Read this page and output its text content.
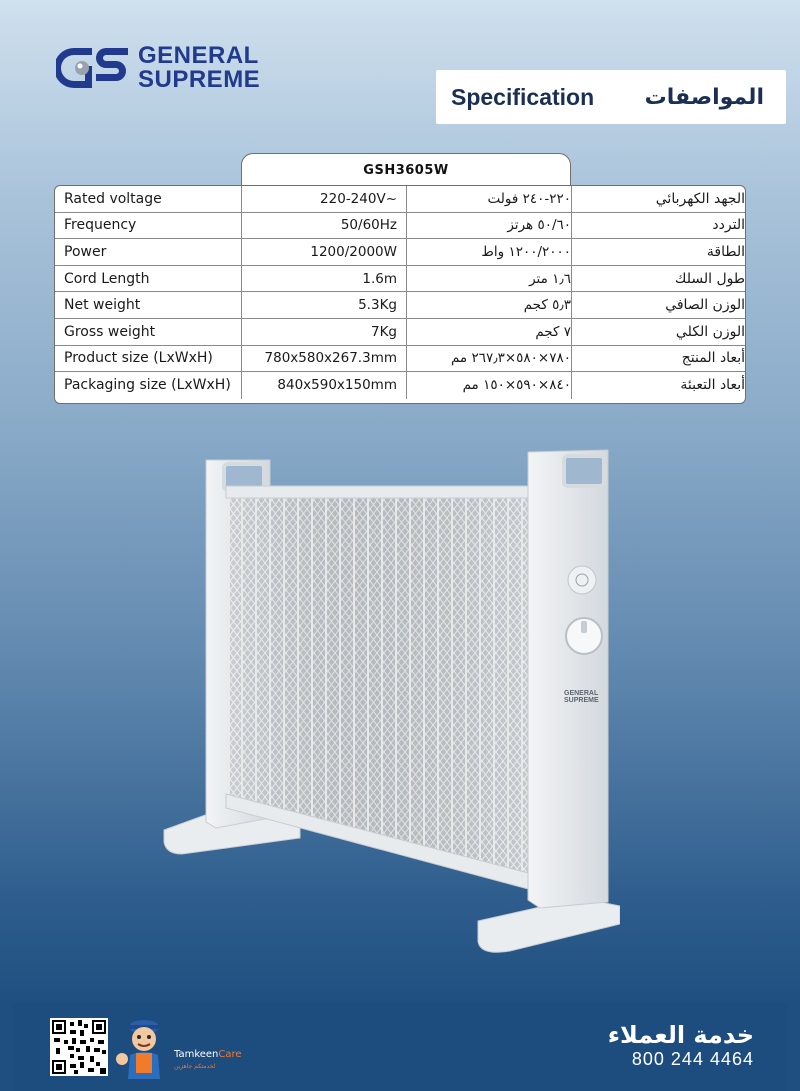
GENERAL
SUPREME
Specification المواصفات
GSH3605W
Rated voltage	220-240V~	٢٢٠-٢٤٠ فولت	الجهد الكهربائي
Frequency	50/60Hz	٥٠/٦٠ هرتز	التردد
Power	1200/2000W	١٢٠٠/٢٠٠٠ واط	الطاقة
Cord Length	1.6m	١٫٦ متر	طول السلك
Net weight	5.3Kg	٥٫٣ كجم	الوزن الصافي
Gross weight	7Kg	٧ كجم	الوزن الكلي
Product size (LxWxH)	780x580x267.3mm	٧٨٠×٥٨٠×٢٦٧٫٣ مم	أبعاد المنتج
Packaging size (LxWxH)	840x590x150mm	٨٤٠×٥٩٠×١٥٠ مم	أبعاد التعبئة
GENERAL
SUPREME
TamkeenCare
لخدمتكم جاهزين
خدمة العملاء
800 244 4464
